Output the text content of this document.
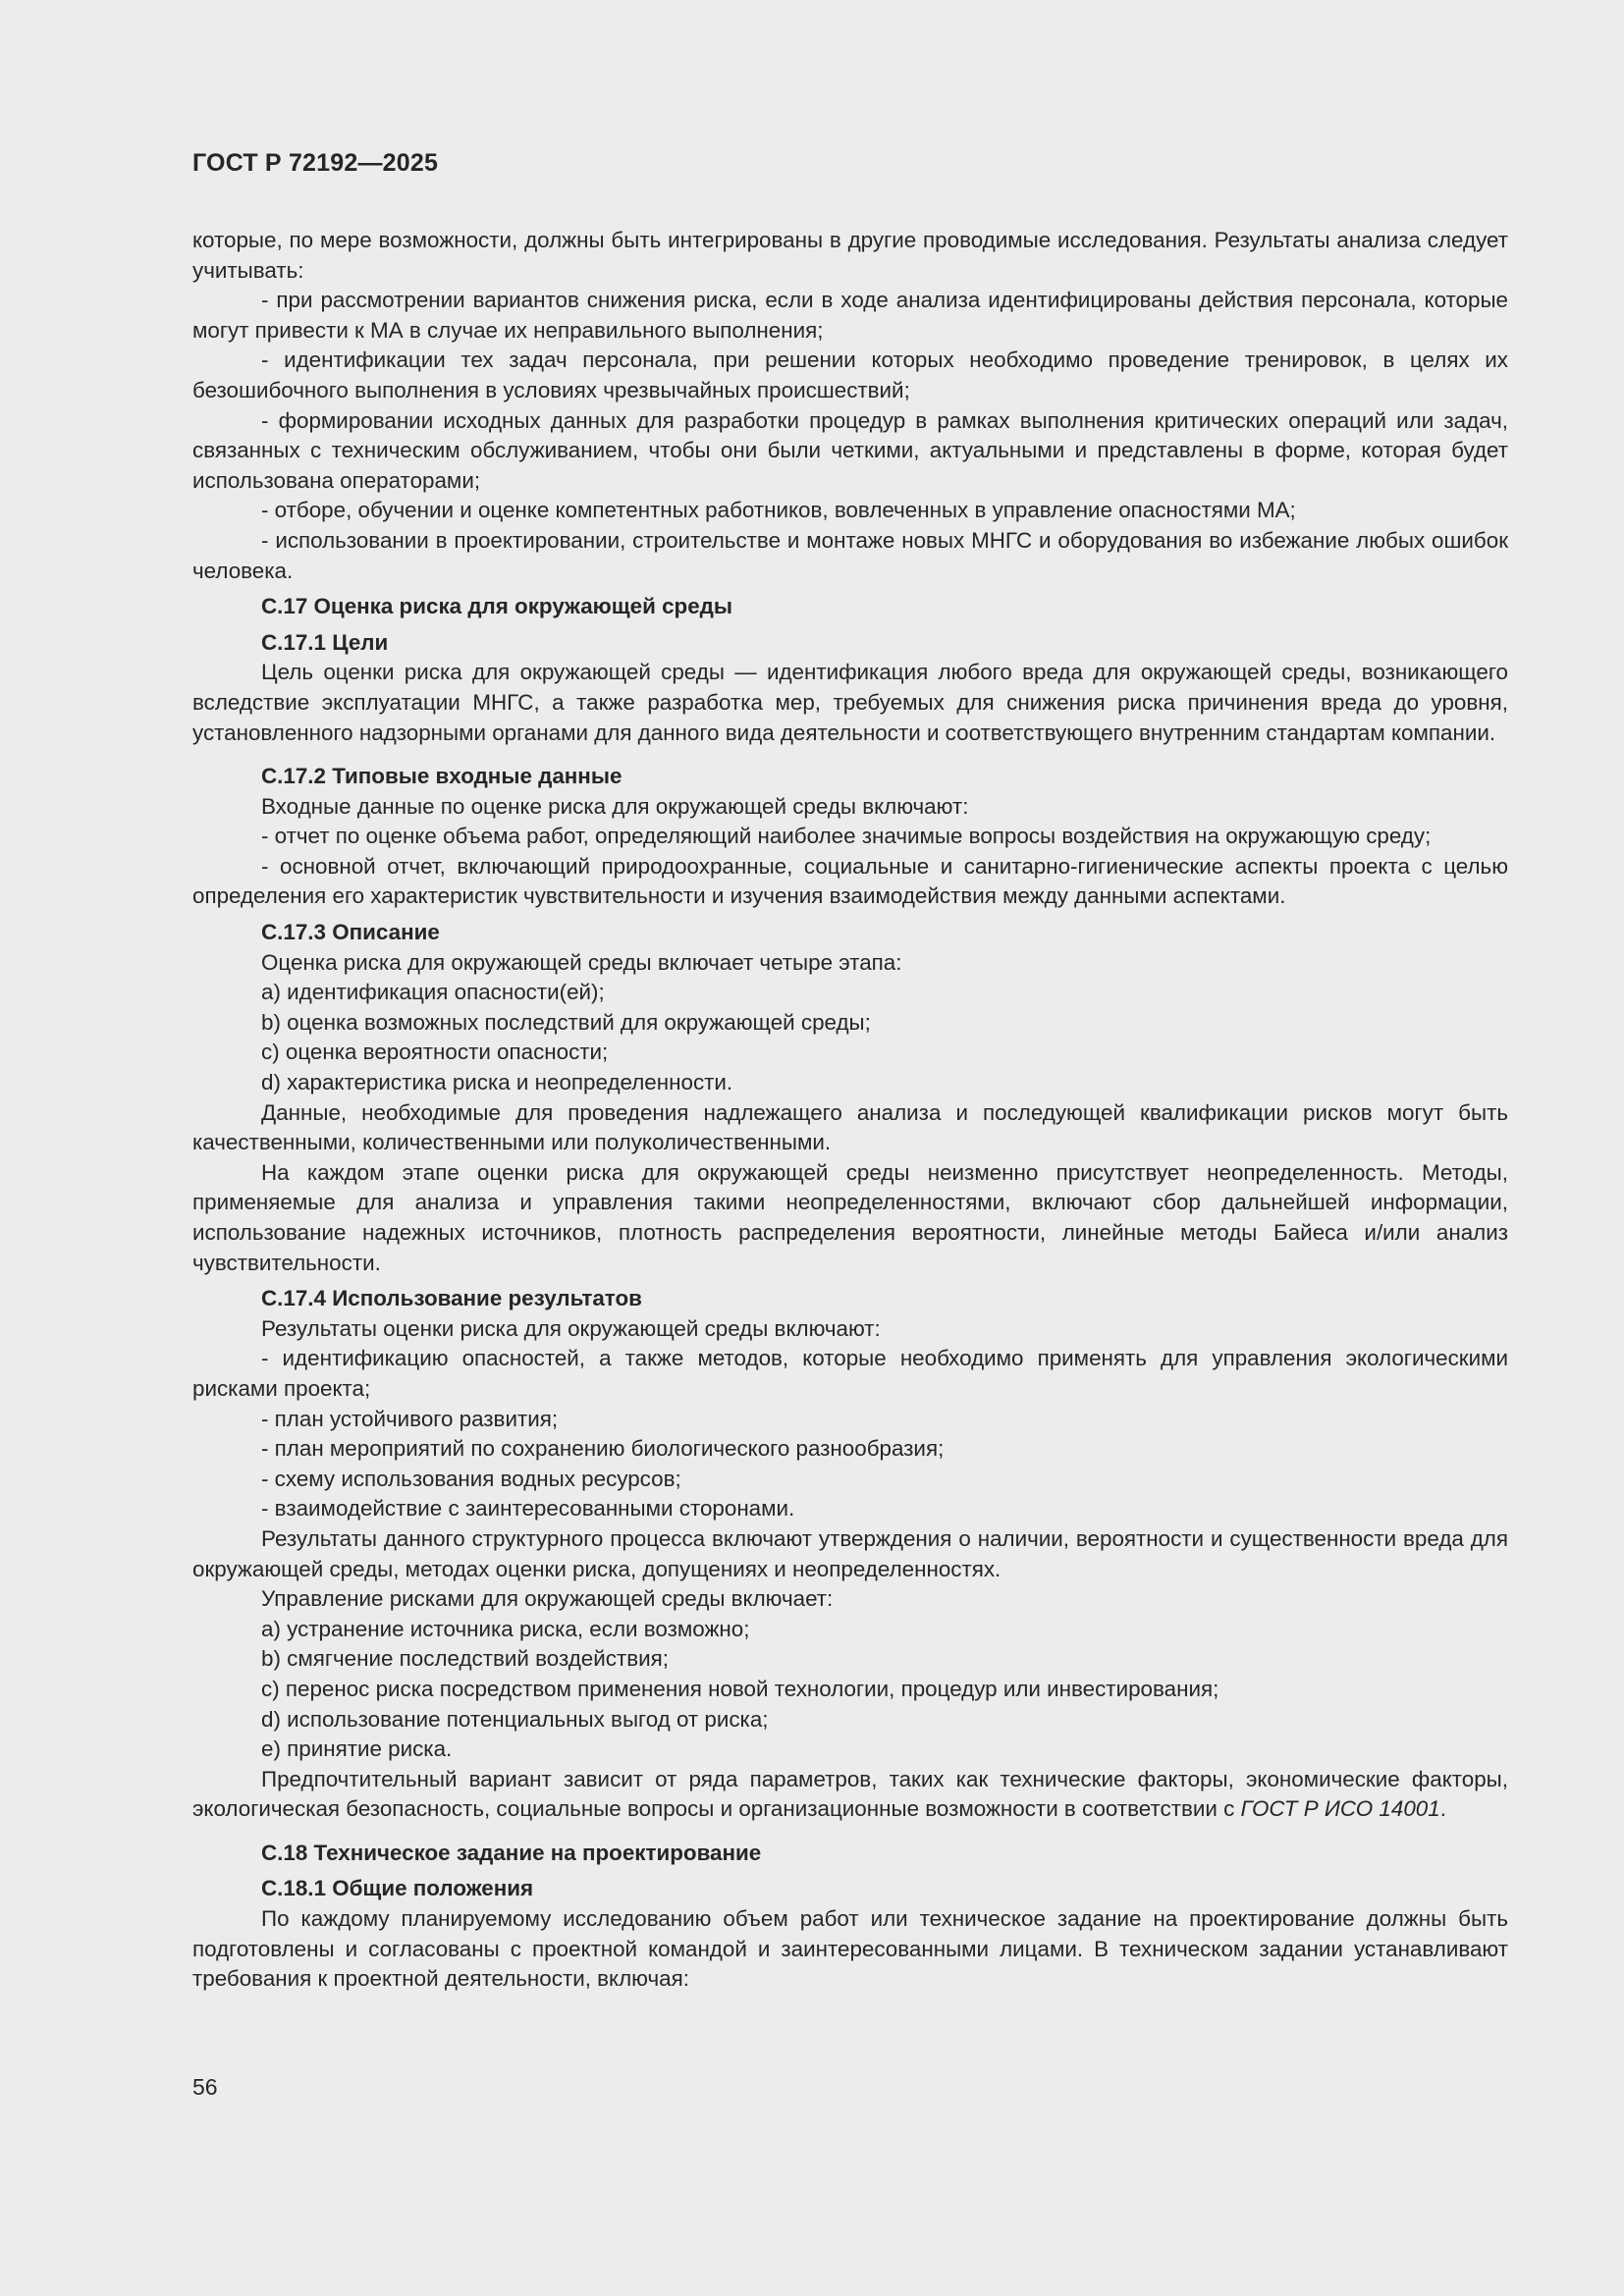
ГОСТ Р 72192—2025

которые, по мере возможности, должны быть интегрированы в другие проводимые исследования. Результаты анализа следует учитывать:

- при рассмотрении вариантов снижения риска, если в ходе анализа идентифицированы действия персонала, которые могут привести к МА в случае их неправильного выполнения;

- идентификации тех задач персонала, при решении которых необходимо проведение тренировок, в целях их безошибочного выполнения в условиях чрезвычайных происшествий;

- формировании исходных данных для разработки процедур в рамках выполнения критических операций или задач, связанных с техническим обслуживанием, чтобы они были четкими, актуальными и представлены в форме, которая будет использована операторами;

- отборе, обучении и оценке компетентных работников, вовлеченных в управление опасностями МА;

- использовании в проектировании, строительстве и монтаже новых МНГС и оборудования во избежание любых ошибок человека.

С.17 Оценка риска для окружающей среды

С.17.1 Цели

Цель оценки риска для окружающей среды — идентификация любого вреда для окружающей среды, возникающего вследствие эксплуатации МНГС, а также разработка мер, требуемых для снижения риска причинения вреда до уровня, установленного надзорными органами для данного вида деятельности и соответствующего внутренним стандартам компании.

С.17.2 Типовые входные данные

Входные данные по оценке риска для окружающей среды включают:

- отчет по оценке объема работ, определяющий наиболее значимые вопросы воздействия на окружающую среду;

- основной отчет, включающий природоохранные, социальные и санитарно-гигиенические аспекты проекта с целью определения его характеристик чувствительности и изучения взаимодействия между данными аспектами.

С.17.3 Описание

Оценка риска для окружающей среды включает четыре этапа:

a) идентификация опасности(ей);

b) оценка возможных последствий для окружающей среды;

c) оценка вероятности опасности;

d) характеристика риска и неопределенности.

Данные, необходимые для проведения надлежащего анализа и последующей квалификации рисков могут быть качественными, количественными или полуколичественными.

На каждом этапе оценки риска для окружающей среды неизменно присутствует неопределенность. Методы, применяемые для анализа и управления такими неопределенностями, включают сбор дальнейшей информации, использование надежных источников, плотность распределения вероятности, линейные методы Байеса и/или анализ чувствительности.

С.17.4 Использование результатов

Результаты оценки риска для окружающей среды включают:

- идентификацию опасностей, а также методов, которые необходимо применять для управления экологическими рисками проекта;

- план устойчивого развития;

- план мероприятий по сохранению биологического разнообразия;

- схему использования водных ресурсов;

- взаимодействие с заинтересованными сторонами.

Результаты данного структурного процесса включают утверждения о наличии, вероятности и существенности вреда для окружающей среды, методах оценки риска, допущениях и неопределенностях.

Управление рисками для окружающей среды включает:

a) устранение источника риска, если возможно;

b) смягчение последствий воздействия;

c) перенос риска посредством применения новой технологии, процедур или инвестирования;

d) использование потенциальных выгод от риска;

e) принятие риска.

Предпочтительный вариант зависит от ряда параметров, таких как технические факторы, экономические факторы, экологическая безопасность, социальные вопросы и организационные возможности в соответствии с ГОСТ Р ИСО 14001.

С.18 Техническое задание на проектирование

С.18.1 Общие положения

По каждому планируемому исследованию объем работ или техническое задание на проектирование должны быть подготовлены и согласованы с проектной командой и заинтересованными лицами. В техническом задании устанавливают требования к проектной деятельности, включая:

56
